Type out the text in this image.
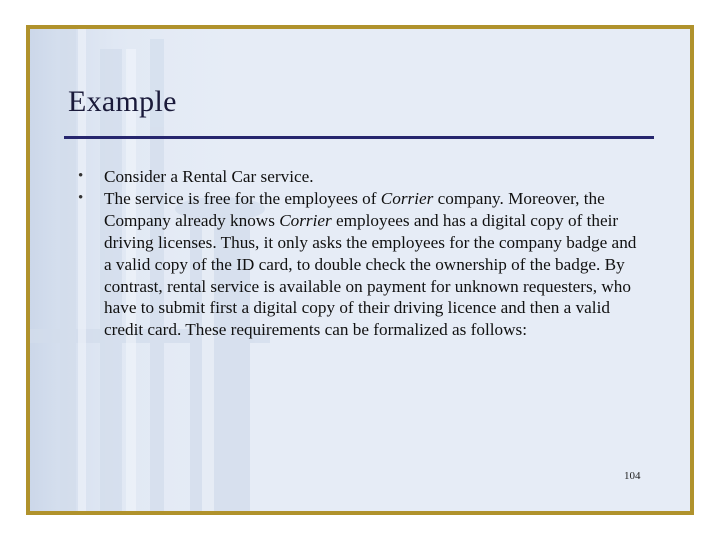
Example
• Consider a Rental Car service.
• The service is free for the employees of Corrier company. Moreover, the Company already knows Corrier employees and has a digital copy of their driving licenses. Thus, it only asks the employees for the company badge and a valid copy of the ID card, to double check the ownership of the badge. By contrast, rental service is available on payment for unknown requesters, who have to submit first a digital copy of their driving licence and then a valid credit card. These requirements can be formalized as follows:
104
